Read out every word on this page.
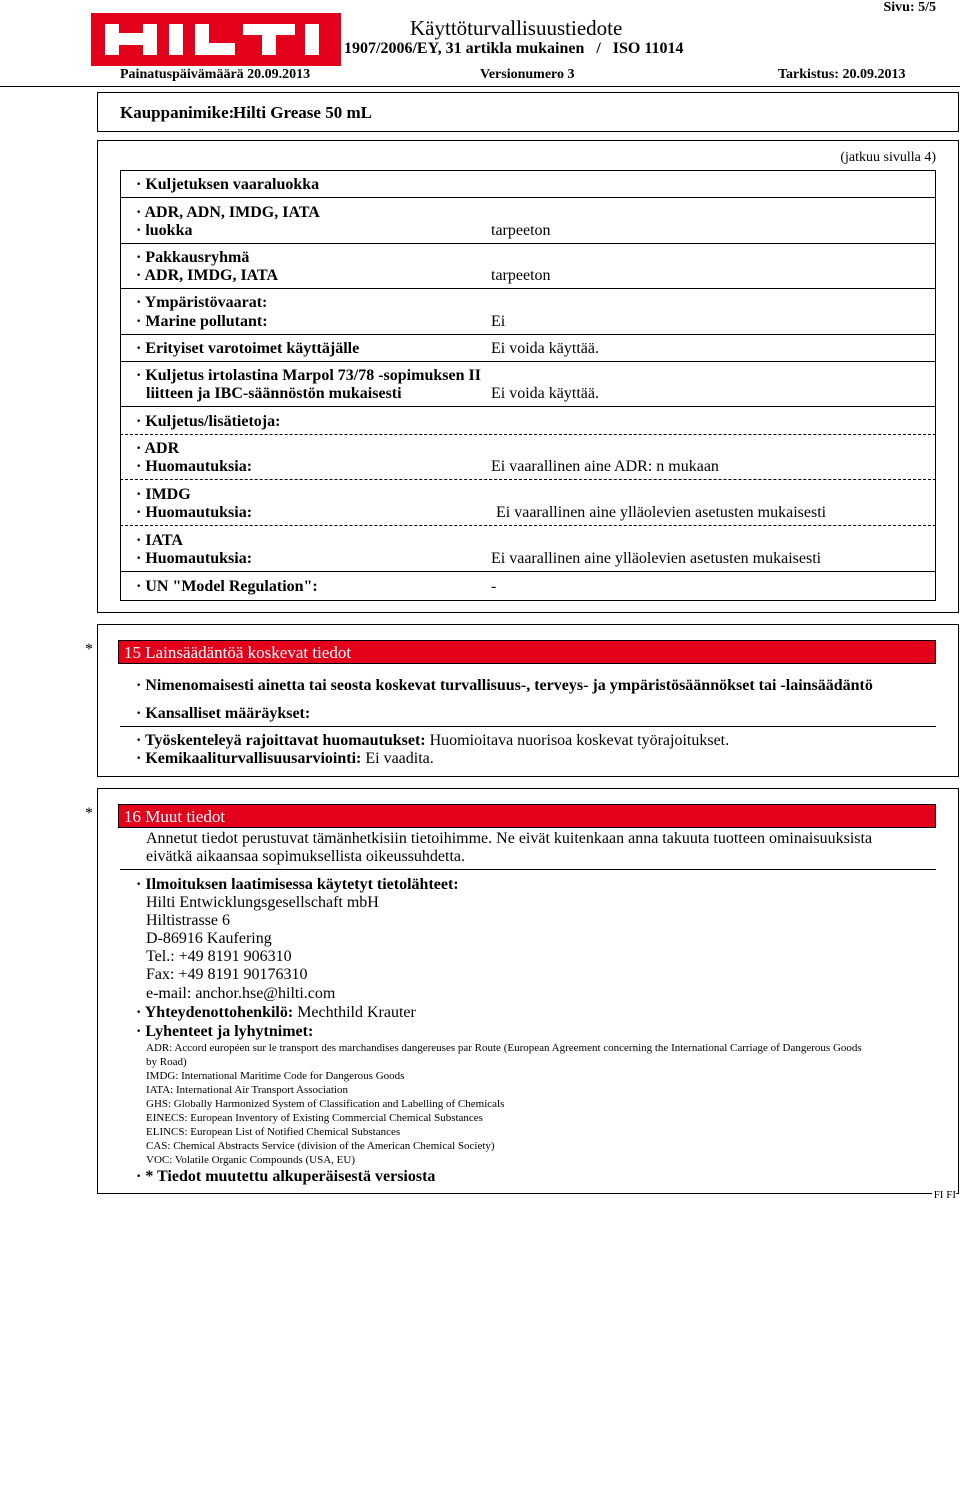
Käyttöturvallisuustiedote
1907/2006/EY, 31 artikla mukainen   /   ISO 11014
Sivu: 5/5
Painatuspäivämäärä 20.09.2013	Versionumero 3	Tarkistus: 20.09.2013
Kauppanimike:
Hilti Grease 50 mL
(jatkuu sivulla 4)
· Kuljetuksen vaaraluokka
· ADR, ADN, IMDG, IATA
· luokka	tarpeeton
· Pakkausryhmä
· ADR, IMDG, IATA	tarpeeton
· Ympäristövaarat:
· Marine pollutant:	Ei
· Erityiset varotoimet käyttäjälle	Ei voida käyttää.
· Kuljetus irtolastina Marpol 73/78 -sopimuksen II
liitteen ja IBC-säännöstön mukaisesti	Ei voida käyttää.
· Kuljetus/lisätietoja:
· ADR
· Huomautuksia:	Ei vaarallinen aine ADR: n mukaan
· IMDG
· Huomautuksia:	Ei vaarallinen aine ylläolevien asetusten mukaisesti
· IATA
· Huomautuksia:	Ei vaarallinen aine ylläolevien asetusten mukaisesti
· UN "Model Regulation":	-
*	15 Lainsäädäntöä koskevat tiedot
· Nimenomaisesti ainetta tai seosta koskevat turvallisuus-, terveys- ja ympäristösäännökset tai -lainsäädäntö
· Kansalliset määräykset:
· Työskenteleyä rajoittavat huomautukset: Huomioitava nuorisoa koskevat työrajoitukset.
· Kemikaaliturvallisuusarviointi: Ei vaadita.
*	16 Muut tiedot
Annetut tiedot perustuvat tämänhetkisiin tietoihimme. Ne eivät kuitenkaan anna takuuta tuotteen ominaisuuksista
eivätkä aikaansaa sopimuksellista oikeussuhdetta.
· Ilmoituksen laatimisessa käytetyt tietolähteet:
Hilti Entwicklungsgesellschaft mbH
Hiltistrasse 6
D-86916 Kaufering
Tel.: +49 8191 906310
Fax: +49 8191 90176310
e-mail: anchor.hse@hilti.com
· Yhteydenottohenkilö: Mechthild Krauter
· Lyhenteet ja lyhytnimet:
ADR: Accord européen sur le transport des marchandises dangereuses par Route (European Agreement concerning the International Carriage of Dangerous Goods
by Road)
IMDG: International Maritime Code for Dangerous Goods
IATA: International Air Transport Association
GHS: Globally Harmonized System of Classification and Labelling of Chemicals
EINECS: European Inventory of Existing Commercial Chemical Substances
ELINCS: European List of Notified Chemical Substances
CAS: Chemical Abstracts Service (division of the American Chemical Society)
VOC: Volatile Organic Compounds (USA, EU)
· * Tiedot muutettu alkuperäisestä versiosta
FI FI
